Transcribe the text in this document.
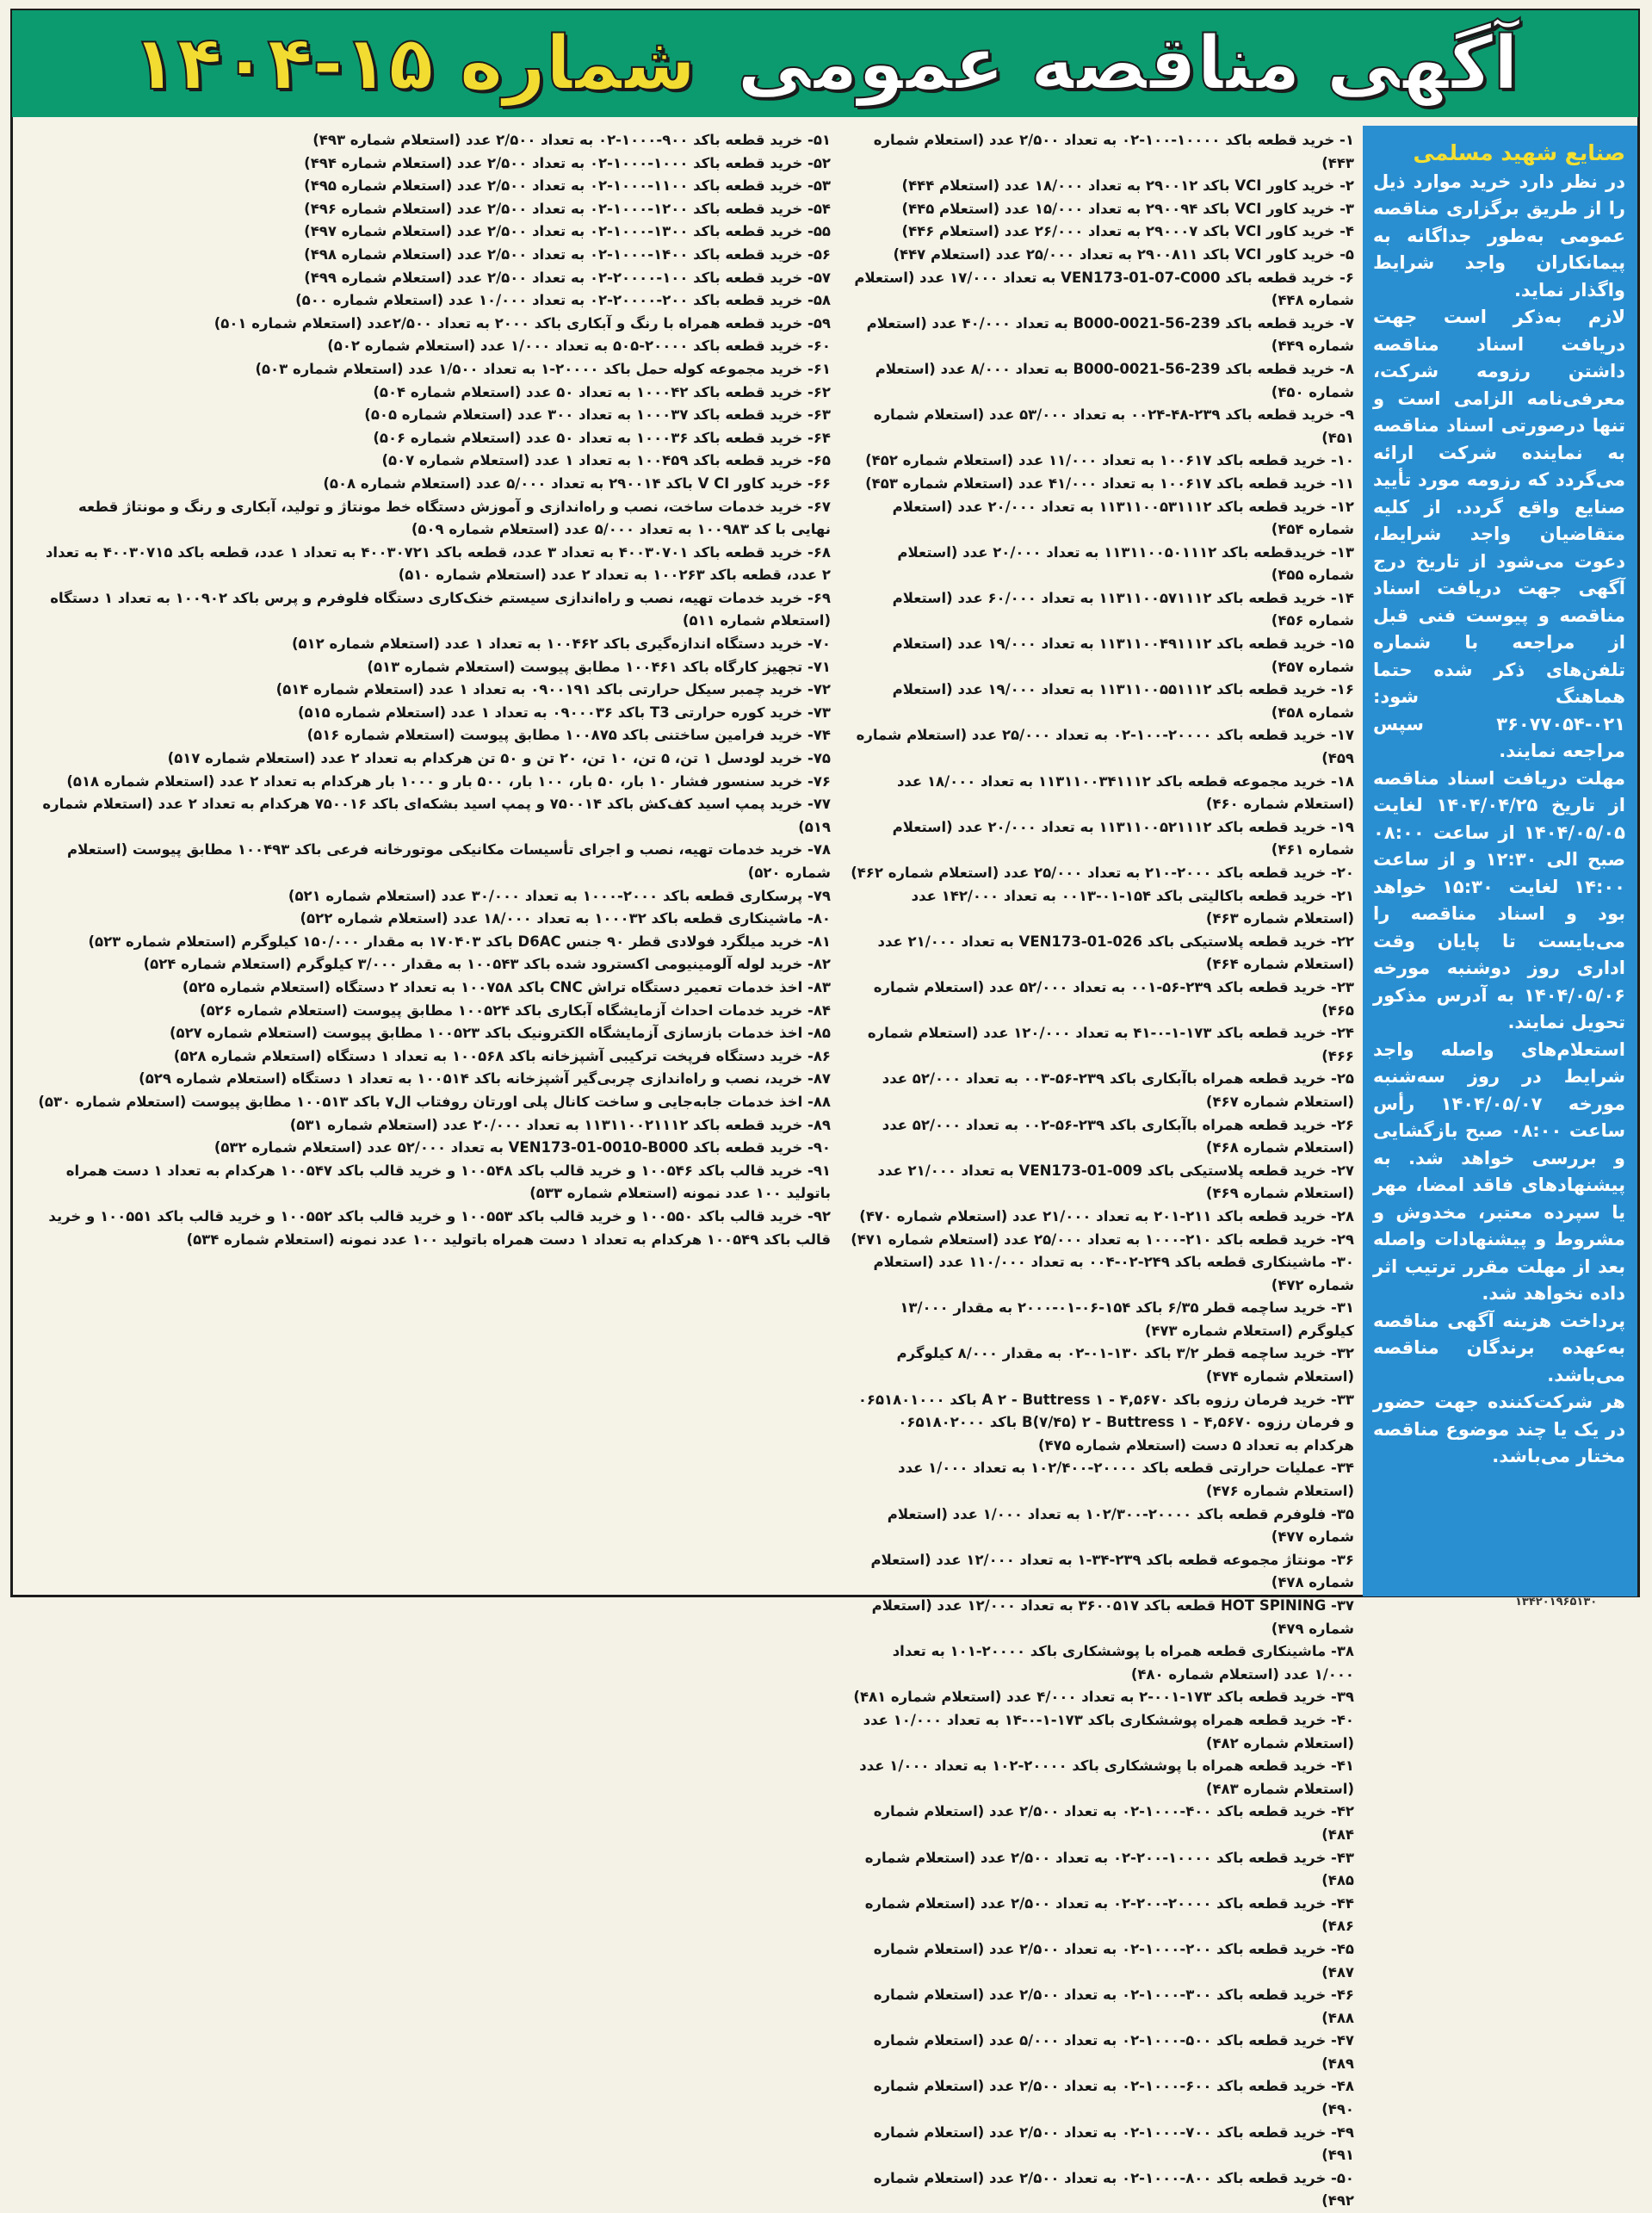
آگهی مناقصه عمومی شماره ۱۵-۱۴۰۴

صنایع شهید مسلمی

در نظر دارد خرید موارد ذیل را از طریق برگزاری مناقصه عمومی به‌طور جداگانه به پیمانکاران واجد شرایط واگذار نماید.

لازم به‌ذکر است جهت دریافت اسناد مناقصه داشتن رزومه شرکت، معرفی‌نامه الزامی است و تنها درصورتی اسناد مناقصه به نماینده شرکت ارائه می‌گردد که رزومه مورد تأیید صنایع واقع گردد. از کلیه متقاضیان واجد شرایط، دعوت می‌شود از تاریخ درج آگهی جهت دریافت اسناد مناقصه و پیوست فنی قبل از مراجعه با شماره تلفن‌های ذکر شده حتما هماهنگ شود: ۰۲۱-۳۶۰۷۷۰۵۴ سپس مراجعه نمایند.

مهلت دریافت اسناد مناقصه از تاریخ ۱۴۰۴/۰۴/۲۵ لغایت ۱۴۰۴/۰۵/۰۵ از ساعت ۰۸:۰۰ صبح الی ۱۲:۳۰ و از ساعت ۱۴:۰۰ لغایت ۱۵:۳۰ خواهد بود و اسناد مناقصه را می‌بایست تا پایان وقت اداری روز دوشنبه مورخه ۱۴۰۴/۰۵/۰۶ به آدرس مذکور تحویل نمایند.

استعلام‌های واصله واجد شرایط در روز سه‌شنبه مورخه ۱۴۰۴/۰۵/۰۷ رأس ساعت ۰۸:۰۰ صبح بازگشایی و بررسی خواهد شد. به پیشنهادهای فاقد امضا، مهر یا سپرده معتبر، مخدوش و مشروط و پیشنهادات واصله بعد از مهلت مقرر ترتیب اثر داده نخواهد شد.

پرداخت هزینه آگهی مناقصه به‌عهده برندگان مناقصه می‌باشد.

هر شرکت‌کننده جهت حضور در یک یا چند موضوع مناقصه مختار می‌باشد.

۱- خرید قطعه باکد ۱۰۰۰۰-۱۰۰-۰۲ به تعداد ۲/۵۰۰ عدد (استعلام شماره ۴۴۳)
۲- خرید کاور VCI باکد ۲۹۰۰۱۲ به تعداد ۱۸/۰۰۰ عدد (استعلام ۴۴۴)
۳- خرید کاور VCI باکد ۲۹۰۰۹۴ به تعداد ۱۵/۰۰۰ عدد (استعلام ۴۴۵)
۴- خرید کاور VCI باکد ۲۹۰۰۰۷ به تعداد ۲۶/۰۰۰ عدد (استعلام ۴۴۶)
۵- خرید کاور VCI باکد ۲۹۰۰۸۱۱ به تعداد ۲۵/۰۰۰ عدد (استعلام ۴۴۷)
۶- خرید قطعه باکد VEN173-01-07-C000 به تعداد ۱۷/۰۰۰ عدد (استعلام شماره ۴۴۸)
۷- خرید قطعه باکد 239-56-0021-B000 به تعداد ۴۰/۰۰۰ عدد (استعلام شماره ۴۴۹)
۸- خرید قطعه باکد 239-56-0021-B000 به تعداد ۸/۰۰۰ عدد (استعلام شماره ۴۵۰)
۹- خرید قطعه باکد ۲۳۹-۴۸-۰۰۲۴ به تعداد ۵۳/۰۰۰ عدد (استعلام شماره ۴۵۱)
۱۰- خرید قطعه باکد ۱۰۰۶۱۷ به تعداد ۱۱/۰۰۰ عدد (استعلام شماره ۴۵۲)
۱۱- خرید قطعه باکد ۱۰۰۶۱۷ به تعداد ۴۱/۰۰۰ عدد (استعلام شماره ۴۵۳)
۱۲- خرید قطعه باکد ۱۱۳۱۱۰۰۵۳۱۱۱۲ به تعداد ۲۰/۰۰۰ عدد (استعلام شماره ۴۵۴)
۱۳- خریدقطعه باکد ۱۱۳۱۱۰۰۵۰۱۱۱۲ به تعداد ۲۰/۰۰۰ عدد (استعلام شماره ۴۵۵)
۱۴- خرید قطعه باکد ۱۱۳۱۱۰۰۵۷۱۱۱۲ به تعداد ۶۰/۰۰۰ عدد (استعلام شماره ۴۵۶)
۱۵- خرید قطعه باکد ۱۱۳۱۱۰۰۴۹۱۱۱۲ به تعداد ۱۹/۰۰۰ عدد (استعلام شماره ۴۵۷)
۱۶- خرید قطعه باکد ۱۱۳۱۱۰۰۵۵۱۱۱۲ به تعداد ۱۹/۰۰۰ عدد (استعلام شماره ۴۵۸)
۱۷- خرید قطعه باکد ۲۰۰۰۰-۱۰۰-۰۲ به تعداد ۲۵/۰۰۰ عدد (استعلام شماره ۴۵۹)
۱۸- خرید مجموعه قطعه باکد ۱۱۳۱۱۰۰۳۴۱۱۱۲ به تعداد ۱۸/۰۰۰ عدد (استعلام شماره ۴۶۰)
۱۹- خرید قطعه باکد ۱۱۳۱۱۰۰۵۲۱۱۱۲ به تعداد ۲۰/۰۰۰ عدد (استعلام شماره ۴۶۱)
۲۰- خرید قطعه باکد ۲۰۰۰-۲۱۰ به تعداد ۲۵/۰۰۰ عدد (استعلام شماره ۴۶۲)
۲۱- خرید قطعه باکالیتی باکد ۱۵۴-۰۱-۰۰۱۳ به تعداد ۱۴۲/۰۰۰ عدد (استعلام شماره ۴۶۳)
۲۲- خرید قطعه پلاستیکی باکد VEN173-01-026 به تعداد ۲۱/۰۰۰ عدد (استعلام شماره ۴۶۴)
۲۳- خرید قطعه باکد ۲۳۹-۵۶-۰۰۱ به تعداد ۵۲/۰۰۰ عدد (استعلام شماره ۴۶۵)
۲۴- خرید قطعه باکد ۱۷۳-۱-۰-۴۱ به تعداد ۱۲۰/۰۰۰ عدد (استعلام شماره ۴۶۶)
۲۵- خرید قطعه همراه باآبکاری باکد ۲۳۹-۵۶-۰۰۳ به تعداد ۵۲/۰۰۰ عدد (استعلام شماره ۴۶۷)
۲۶- خرید قطعه همراه باآبکاری باکد ۲۳۹-۵۶-۰۰۲ به تعداد ۵۲/۰۰۰ عدد (استعلام شماره ۴۶۸)
۲۷- خرید قطعه پلاستیکی باکد VEN173-01-009 به تعداد ۲۱/۰۰۰ عدد (استعلام شماره ۴۶۹)
۲۸- خرید قطعه باکد ۲۱۱-۲۰۱ به تعداد ۲۱/۰۰۰ عدد (استعلام شماره ۴۷۰)
۲۹- خرید قطعه باکد ۲۱۰-۱۰۰۰ به تعداد ۲۵/۰۰۰ عدد (استعلام شماره ۴۷۱)
۳۰- ماشینکاری قطعه باکد ۲۴۹-۰۲-۰۰۴ به تعداد ۱۱۰/۰۰۰ عدد (استعلام شماره ۴۷۲)
۳۱- خرید ساچمه قطر ۶/۳۵ باکد ۱۵۴-۰۶-۰۱-۲۰۰۰ به مقدار ۱۳/۰۰۰ کیلوگرم (استعلام شماره ۴۷۳)
۳۲- خرید ساچمه قطر ۳/۲ باکد ۱۳۰-۰۱-۰۲ به مقدار ۸/۰۰۰ کیلوگرم (استعلام شماره ۴۷۴)
۳۳- خرید فرمان رزوه باکد A ۲ - Buttress ۱ - ۴,۵۶۷۰ باکد ۰۶۵۱۸۰۱۰۰۰ و فرمان رزوه B(۷/۴۵) ۲ - Buttress ۱ - ۴,۵۶۷۰ باکد ۰۶۵۱۸۰۲۰۰۰ هرکدام به تعداد ۵ دست (استعلام شماره ۴۷۵)
۳۴- عملیات حرارتی قطعه باکد ۲۰۰۰۰-۱۰۲/۴۰۰ به تعداد ۱/۰۰۰ عدد (استعلام شماره ۴۷۶)
۳۵- فلوفرم قطعه باکد ۲۰۰۰۰-۱۰۲/۳۰۰ به تعداد ۱/۰۰۰ عدد (استعلام شماره ۴۷۷)
۳۶- مونتاژ مجموعه قطعه باکد ۲۳۹-۳۴-۱ به تعداد ۱۲/۰۰۰ عدد (استعلام شماره ۴۷۸)
۳۷- HOT SPINING قطعه باکد ۳۶۰۰۵۱۷ به تعداد ۱۲/۰۰۰ عدد (استعلام شماره ۴۷۹)
۳۸- ماشینکاری قطعه همراه با پوششکاری باکد ۲۰۰۰۰-۱۰۱ به تعداد ۱/۰۰۰ عدد (استعلام شماره ۴۸۰)
۳۹- خرید قطعه باکد ۱۷۳-۰۰۱-۲ به تعداد ۴/۰۰۰ عدد (استعلام شماره ۴۸۱)
۴۰- خرید قطعه همراه پوششکاری باکد ۱۷۳-۱-۰-۱۴ به تعداد ۱۰/۰۰۰ عدد (استعلام شماره ۴۸۲)
۴۱- خرید قطعه همراه با پوششکاری باکد ۲۰۰۰۰-۱۰۲ به تعداد ۱/۰۰۰ عدد (استعلام شماره ۴۸۳)
۴۲- خرید قطعه باکد ۴۰۰-۱۰۰۰-۰۲ به تعداد ۲/۵۰۰ عدد (استعلام شماره ۴۸۴)
۴۳- خرید قطعه باکد ۱۰۰۰۰-۲۰۰-۰۲ به تعداد ۲/۵۰۰ عدد (استعلام شماره ۴۸۵)
۴۴- خرید قطعه باکد ۲۰۰۰۰-۲۰۰-۰۲ به تعداد ۲/۵۰۰ عدد (استعلام شماره ۴۸۶)
۴۵- خرید قطعه باکد ۲۰۰-۱۰۰۰-۰۲ به تعداد ۲/۵۰۰ عدد (استعلام شماره ۴۸۷)
۴۶- خرید قطعه باکد ۳۰۰-۱۰۰۰-۰۲ به تعداد ۲/۵۰۰ عدد (استعلام شماره ۴۸۸)
۴۷- خرید قطعه باکد ۵۰۰-۱۰۰۰-۰۲ به تعداد ۵/۰۰۰ عدد (استعلام شماره ۴۸۹)
۴۸- خرید قطعه باکد ۶۰۰-۱۰۰۰-۰۲ به تعداد ۲/۵۰۰ عدد (استعلام شماره ۴۹۰)
۴۹- خرید قطعه باکد ۷۰۰-۱۰۰۰-۰۲ به تعداد ۲/۵۰۰ عدد (استعلام شماره ۴۹۱)
۵۰- خرید قطعه باکد ۸۰۰-۱۰۰۰-۰۲ به تعداد ۲/۵۰۰ عدد (استعلام شماره ۴۹۲)
۵۱- خرید قطعه باکد ۹۰۰-۱۰۰۰-۰۲ به تعداد ۲/۵۰۰ عدد (استعلام شماره ۴۹۳)
۵۲- خرید قطعه باکد ۱۰۰۰-۱۰۰۰-۰۲ به تعداد ۲/۵۰۰ عدد (استعلام شماره ۴۹۴)
۵۳- خرید قطعه باکد ۱۱۰۰-۱۰۰۰-۰۲ به تعداد ۲/۵۰۰ عدد (استعلام شماره ۴۹۵)
۵۴- خرید قطعه باکد ۱۲۰۰-۱۰۰۰-۰۲ به تعداد ۲/۵۰۰ عدد (استعلام شماره ۴۹۶)
۵۵- خرید قطعه باکد ۱۳۰۰-۱۰۰۰-۰۲ به تعداد ۲/۵۰۰ عدد (استعلام شماره ۴۹۷)
۵۶- خرید قطعه باکد ۱۴۰۰-۱۰۰۰-۰۲ به تعداد ۲/۵۰۰ عدد (استعلام شماره ۴۹۸)
۵۷- خرید قطعه باکد ۱۰۰-۲۰۰۰۰-۰۲ به تعداد ۲/۵۰۰ عدد (استعلام شماره ۴۹۹)
۵۸- خرید قطعه باکد ۲۰۰-۲۰۰۰۰-۰۲ به تعداد ۱۰/۰۰۰ عدد (استعلام شماره ۵۰۰)
۵۹- خرید قطعه همراه با رنگ و آبکاری باکد ۲۰۰۰ به تعداد ۲/۵۰۰عدد (استعلام شماره ۵۰۱)
۶۰- خرید قطعه باکد ۲۰۰۰۰-۵۰۵ به تعداد ۱/۰۰۰ عدد (استعلام شماره ۵۰۲)
۶۱- خرید مجموعه کوله حمل باکد ۲۰۰۰۰-۱ به تعداد ۱/۵۰۰ عدد (استعلام شماره ۵۰۳)
۶۲- خرید قطعه باکد ۱۰۰۰۴۲ به تعداد ۵۰ عدد (استعلام شماره ۵۰۴)
۶۳- خرید قطعه باکد ۱۰۰۰۳۷ به تعداد ۳۰۰ عدد (استعلام شماره ۵۰۵)
۶۴- خرید قطعه باکد ۱۰۰۰۳۶ به تعداد ۵۰ عدد (استعلام شماره ۵۰۶)
۶۵- خرید قطعه باکد ۱۰۰۴۵۹ به تعداد ۱ عدد (استعلام شماره ۵۰۷)
۶۶- خرید کاور V CI باکد ۲۹۰۰۱۴ به تعداد ۵/۰۰۰ عدد (استعلام شماره ۵۰۸)
۶۷- خرید خدمات ساخت، نصب و راه‌اندازی و آموزش دستگاه خط مونتاژ و تولید، آبکاری و رنگ و مونتاژ قطعه نهایی با کد ۱۰۰۹۸۳ به تعداد ۵/۰۰۰ عدد (استعلام شماره ۵۰۹)
۶۸- خرید قطعه باکد ۴۰۰۳۰۷۰۱ به تعداد ۳ عدد، قطعه باکد ۴۰۰۳۰۷۲۱ به تعداد ۱ عدد، قطعه باکد ۴۰۰۳۰۷۱۵ به تعداد ۲ عدد، قطعه باکد ۱۰۰۲۶۳ به تعداد ۲ عدد (استعلام شماره ۵۱۰)
۶۹- خرید خدمات تهیه، نصب و راه‌اندازی سیستم خنک‌کاری دستگاه فلوفرم و پرس باکد ۱۰۰۹۰۲ به تعداد ۱ دستگاه (استعلام شماره ۵۱۱)
۷۰- خرید دستگاه اندازه‌گیری باکد ۱۰۰۴۶۲ به تعداد ۱ عدد (استعلام شماره ۵۱۲)
۷۱- تجهیز کارگاه باکد ۱۰۰۴۶۱ مطابق پیوست (استعلام شماره ۵۱۳)
۷۲- خرید چمبر سیکل حرارتی باکد ۰۹۰۰۱۹۱ به تعداد ۱ عدد (استعلام شماره ۵۱۴)
۷۳- خرید کوره حرارتی T3 باکد ۰۹۰۰۰۳۶ به تعداد ۱ عدد (استعلام شماره ۵۱۵)
۷۴- خرید فرامین ساختنی باکد ۱۰۰۸۷۵ مطابق پیوست (استعلام شماره ۵۱۶)
۷۵- خرید لودسل ۱ تن، ۵ تن، ۱۰ تن، ۲۰ تن و ۵۰ تن هرکدام به تعداد ۲ عدد (استعلام شماره ۵۱۷)
۷۶- خرید سنسور فشار ۱۰ بار، ۵۰ بار، ۱۰۰ بار، ۵۰۰ بار و ۱۰۰۰ بار هرکدام به تعداد ۲ عدد (استعلام شماره ۵۱۸)
۷۷- خرید پمپ اسید کف‌کش باکد ۷۵۰۰۱۴ و پمپ اسید بشکه‌ای باکد ۷۵۰۰۱۶ هرکدام به تعداد ۲ عدد (استعلام شماره ۵۱۹)
۷۸- خرید خدمات تهیه، نصب و اجرای تأسیسات مکانیکی موتورخانه فرعی باکد ۱۰۰۴۹۳ مطابق پیوست (استعلام شماره ۵۲۰)
۷۹- پرسکاری قطعه باکد ۲۰۰۰-۱۰۰۰ به تعداد ۳۰/۰۰۰ عدد (استعلام شماره ۵۲۱)
۸۰- ماشینکاری قطعه باکد ۱۰۰۰۳۲ به تعداد ۱۸/۰۰۰ عدد (استعلام شماره ۵۲۲)
۸۱- خرید میلگرد فولادی قطر ۹۰ جنس D6AC باکد ۱۷۰۴۰۳ به مقدار ۱۵۰/۰۰۰ کیلوگرم (استعلام شماره ۵۲۳)
۸۲- خرید لوله آلومینیومی اکسترود شده باکد ۱۰۰۵۴۳ به مقدار ۳/۰۰۰ کیلوگرم (استعلام شماره ۵۲۴)
۸۳- اخذ خدمات تعمیر دستگاه تراش CNC باکد ۱۰۰۷۵۸ به تعداد ۲ دستگاه (استعلام شماره ۵۲۵)
۸۴- خرید خدمات احداث آزمایشگاه آبکاری باکد ۱۰۰۵۲۴ مطابق پیوست (استعلام شماره ۵۲۶)
۸۵- اخذ خدمات بازسازی آزمایشگاه الکترونیک باکد ۱۰۰۵۲۳ مطابق پیوست (استعلام شماره ۵۲۷)
۸۶- خرید دستگاه فرپخت ترکیبی آشپزخانه باکد ۱۰۰۵۶۸ به تعداد ۱ دستگاه (استعلام شماره ۵۲۸)
۸۷- خرید، نصب و راه‌اندازی چربی‌گیر آشپزخانه باکد ۱۰۰۵۱۴ به تعداد ۱ دستگاه (استعلام شماره ۵۲۹)
۸۸- اخذ خدمات جابه‌جایی و ساخت کانال پلی اورتان روفتاب ال۷ باکد ۱۰۰۵۱۳ مطابق پیوست (استعلام شماره ۵۳۰)
۸۹- خرید قطعه باکد ۱۱۳۱۱۰۰۲۱۱۱۲ به تعداد ۲۰/۰۰۰ عدد (استعلام شماره ۵۳۱)
۹۰- خرید قطعه باکد VEN173-01-0010-B000 به تعداد ۵۲/۰۰۰ عدد (استعلام شماره ۵۳۲)
۹۱- خرید قالب باکد ۱۰۰۵۴۶ و خرید قالب باکد ۱۰۰۵۴۸ و خرید قالب باکد ۱۰۰۵۴۷ هرکدام به تعداد ۱ دست همراه باتولید ۱۰۰ عدد نمونه (استعلام شماره ۵۳۳)
۹۲- خرید قالب باکد ۱۰۰۵۵۰ و خرید قالب باکد ۱۰۰۵۵۳ و خرید قالب باکد ۱۰۰۵۵۲ و خرید قالب باکد ۱۰۰۵۵۱ و خرید قالب باکد ۱۰۰۵۴۹ هرکدام به تعداد ۱ دست همراه باتولید ۱۰۰ عدد نمونه (استعلام شماره ۵۳۴)
۱۳۴۲۰۱۹۶۵۱۳۰
